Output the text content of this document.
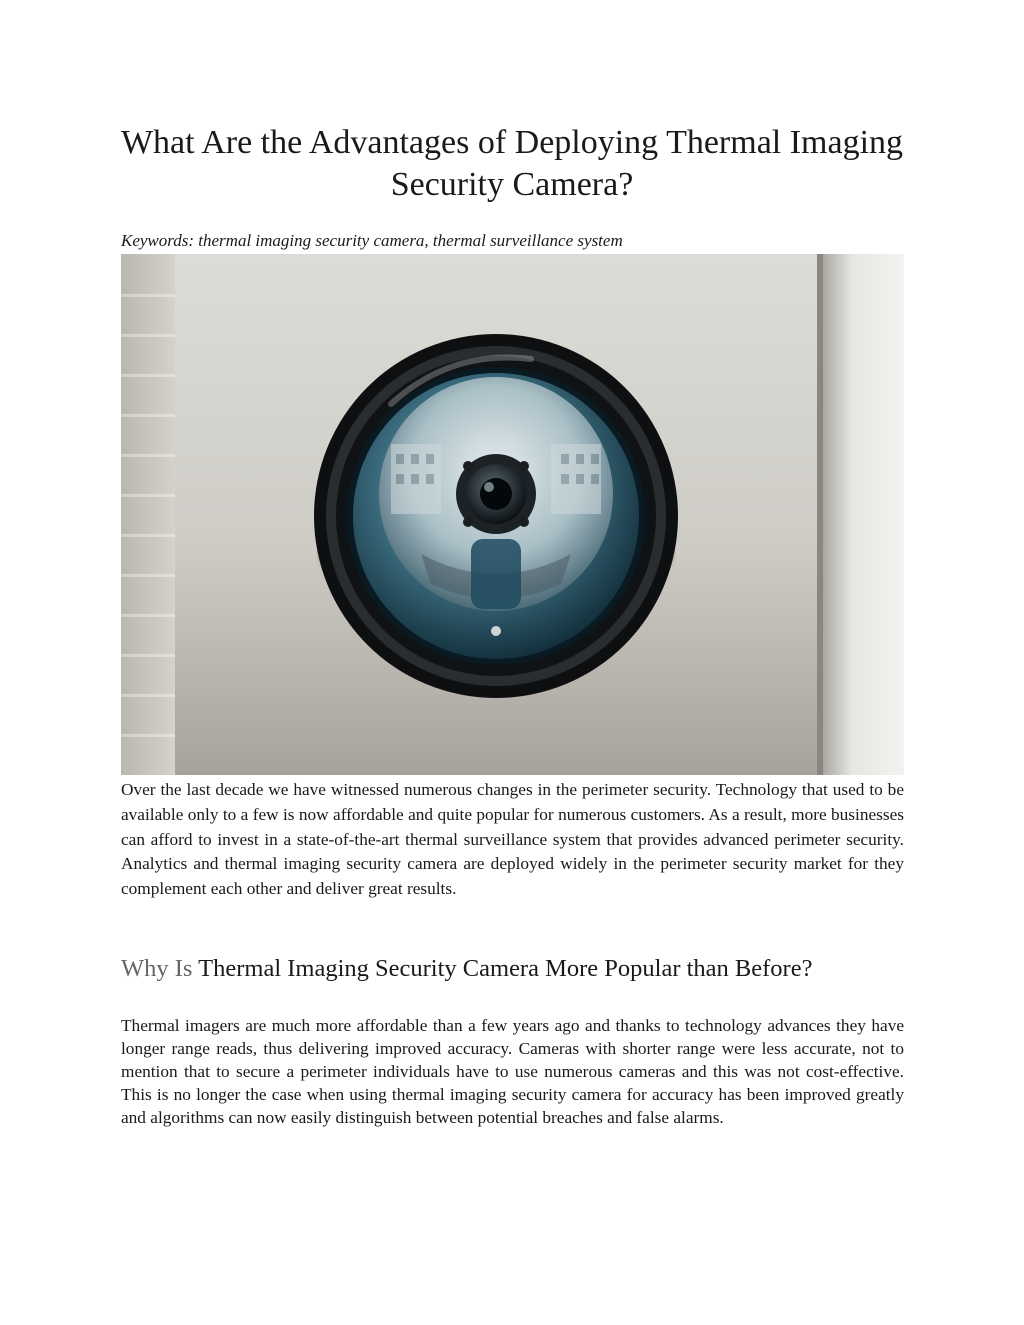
What Are the Advantages of Deploying Thermal Imaging Security Camera?

Keywords: thermal imaging security camera, thermal surveillance system

Over the last decade we have witnessed numerous changes in the perimeter security. Technology that used to be available only to a few is now affordable and quite popular for numerous customers. As a result, more businesses can afford to invest in a state-of-the-art thermal surveillance system that provides advanced perimeter security. Analytics and thermal imaging security camera are deployed widely in the perimeter security market for they complement each other and deliver great results.

Why Is Thermal Imaging Security Camera More Popular than Before?

Thermal imagers are much more affordable than a few years ago and thanks to technology advances they have longer range reads, thus delivering improved accuracy. Cameras with shorter range were less accurate, not to mention that to secure a perimeter individuals have to use numerous cameras and this was not cost-effective. This is no longer the case when using thermal imaging security camera for accuracy has been improved greatly and algorithms can now easily distinguish between potential breaches and false alarms.
